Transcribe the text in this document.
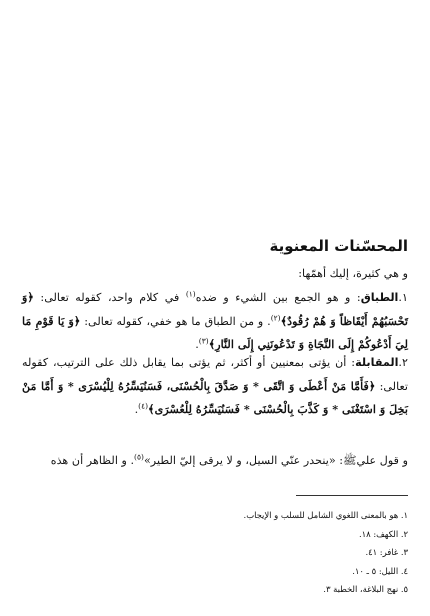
المحسّنات المعنوية
و هي كثيرة، إليك أهمّها:
١.الطباق: و هو الجمع بين الشيء و ضده$^{(١)}$ في كلام واحد، كقوله تعالى: ﴿وَ تَحْسَبُهُمْ أَيْقَاظاً وَ هُمْ رُقُودٌ﴾$^{(٢)}$. و من الطباق ما هو خفي، كقوله تعالى: ﴿وَ يَا قَوْمِ مَا لِيَ أَدْعُوكُمْ إِلَى النَّجَاةِ وَ تَدْعُونَنِي إِلَى النَّارِ﴾$^{(٣)}$.
٢.المقابلة: أن يؤتى بمعنيين أو أكثر، ثم يؤتى بما يقابل ذلك على الترتيب، كقوله تعالى: ﴿فَأَمَّا مَنْ أَعْطَى وَ اتَّقَى * وَ صَدَّقَ بِالْحُسْنَى، فَسَنُيَسِّرُهُ لِلْيُسْرَى * وَ أَمَّا مَنْ بَخِلَ وَ اسْتَغْنَى * وَ كَذَّبَ بِالْحُسْنَى * فَسَنُيَسِّرُهُ لِلْعُسْرَى﴾$^{(٤)}$.
و قول عليﷺ: «ينحدر عنّي السيل، و لا يرقى إليّ الطير»$^{(٥)}$. و الظاهر أن هذه
١. هو بالمعنى اللغوي الشامل للسلب و الإيجاب.
٢. الكهف: ١٨.
٣. غافر: ٤١.
٤. الليل: ٥ ـ ١٠.
٥. نهج البلاغة، الخطبة ٣.
